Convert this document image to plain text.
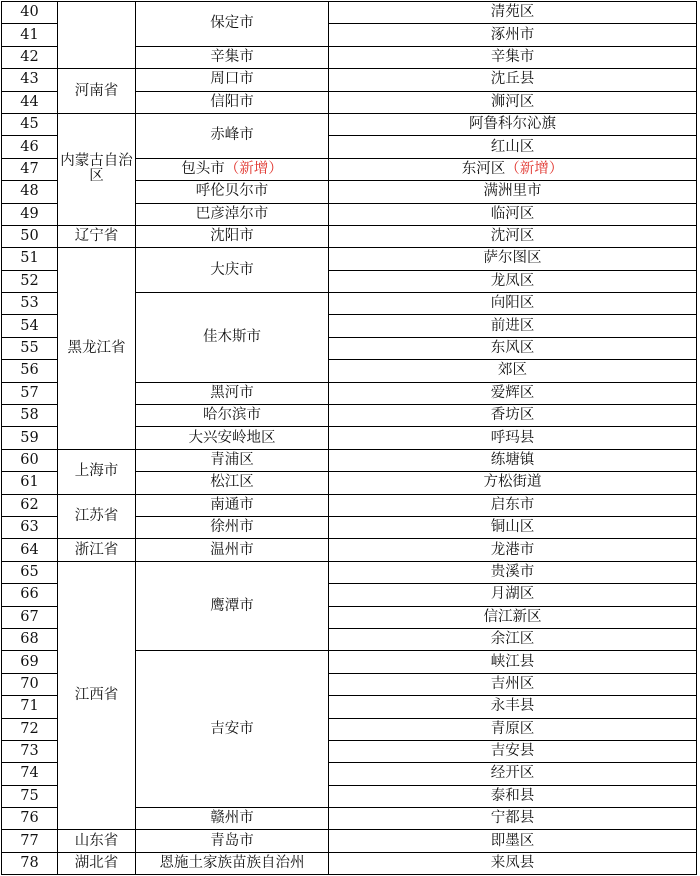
40		保定市	清苑区
41			涿州市
42		辛集市	辛集市
43	河南省	周口市	沈丘县
44		信阳市	浉河区
45	内蒙古自治区	赤峰市	阿鲁科尔沁旗
46			红山区
47		包头市（新增）	东河区（新增）
48		呼伦贝尔市	满洲里市
49		巴彦淖尔市	临河区
50	辽宁省	沈阳市	沈河区
51	黑龙江省	大庆市	萨尔图区
52			龙凤区
53		佳木斯市	向阳区
54			前进区
55			东风区
56			郊区
57		黑河市	爱辉区
58		哈尔滨市	香坊区
59		大兴安岭地区	呼玛县
60	上海市	青浦区	练塘镇
61		松江区	方松街道
62	江苏省	南通市	启东市
63		徐州市	铜山区
64	浙江省	温州市	龙港市
65	江西省	鹰潭市	贵溪市
66			月湖区
67			信江新区
68			余江区
69		吉安市	峡江县
70			吉州区
71			永丰县
72			青原区
73			吉安县
74			经开区
75			泰和县
76		赣州市	宁都县
77	山东省	青岛市	即墨区
78	湖北省	恩施土家族苗族自治州	来凤县
